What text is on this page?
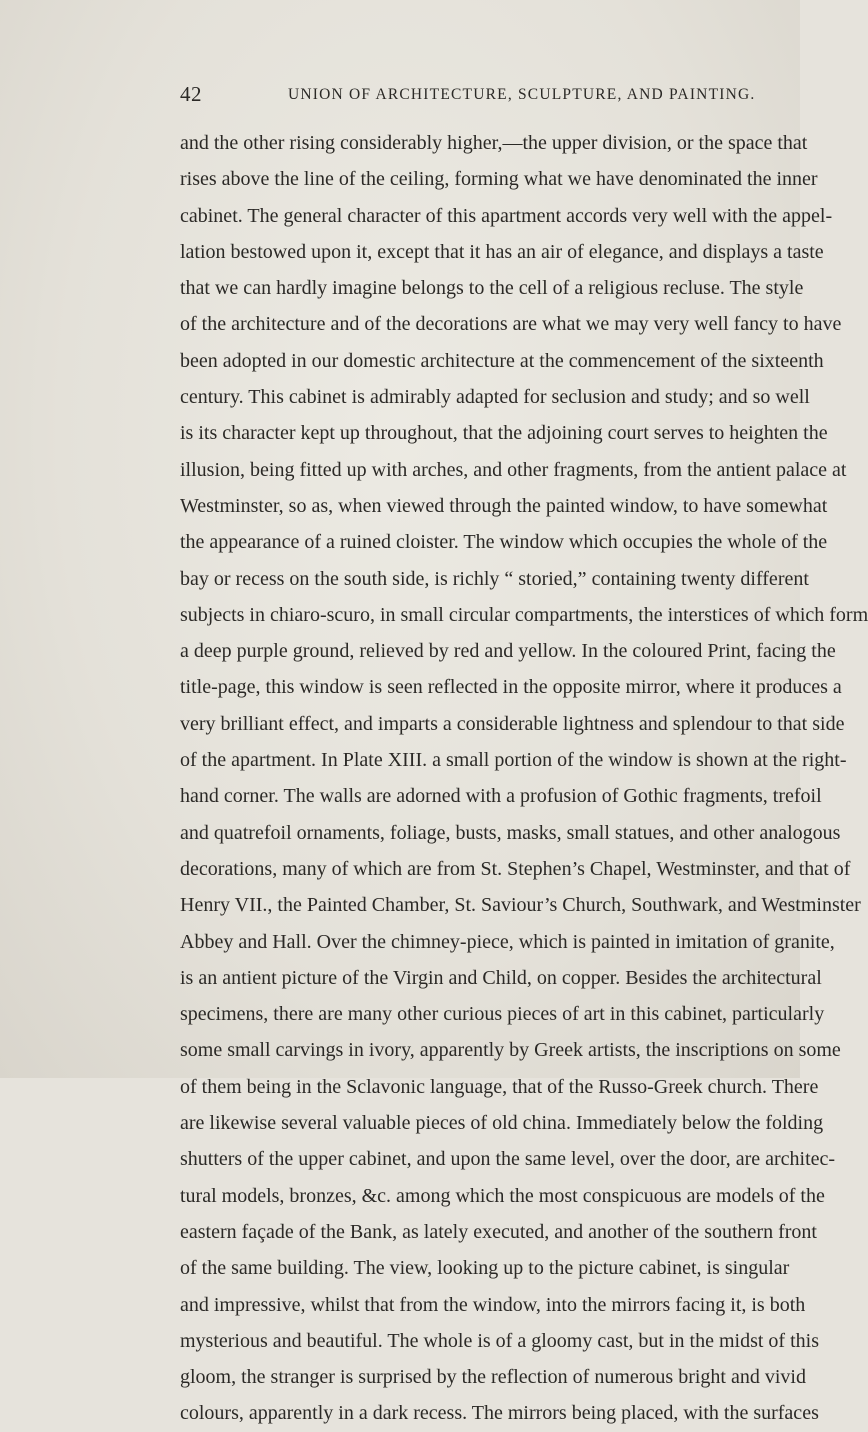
42	UNION OF ARCHITECTURE, SCULPTURE, AND PAINTING.
and the other rising considerably higher,—the upper division, or the space that
rises above the line of the ceiling, forming what we have denominated the inner
cabinet. The general character of this apartment accords very well with the appel-
lation bestowed upon it, except that it has an air of elegance, and displays a taste
that we can hardly imagine belongs to the cell of a religious recluse. The style
of the architecture and of the decorations are what we may very well fancy to have
been adopted in our domestic architecture at the commencement of the sixteenth
century. This cabinet is admirably adapted for seclusion and study; and so well
is its character kept up throughout, that the adjoining court serves to heighten the
illusion, being fitted up with arches, and other fragments, from the antient palace at
Westminster, so as, when viewed through the painted window, to have somewhat
the appearance of a ruined cloister. The window which occupies the whole of the
bay or recess on the south side, is richly “ storied,” containing twenty different
subjects in chiaro-scuro, in small circular compartments, the interstices of which form
a deep purple ground, relieved by red and yellow. In the coloured Print, facing the
title-page, this window is seen reflected in the opposite mirror, where it produces a
very brilliant effect, and imparts a considerable lightness and splendour to that side
of the apartment. In Plate XIII. a small portion of the window is shown at the right-
hand corner. The walls are adorned with a profusion of Gothic fragments, trefoil
and quatrefoil ornaments, foliage, busts, masks, small statues, and other analogous
decorations, many of which are from St. Stephen’s Chapel, Westminster, and that of
Henry VII., the Painted Chamber, St. Saviour’s Church, Southwark, and Westminster
Abbey and Hall. Over the chimney-piece, which is painted in imitation of granite,
is an antient picture of the Virgin and Child, on copper. Besides the architectural
specimens, there are many other curious pieces of art in this cabinet, particularly
some small carvings in ivory, apparently by Greek artists, the inscriptions on some
of them being in the Sclavonic language, that of the Russo-Greek church. There
are likewise several valuable pieces of old china. Immediately below the folding
shutters of the upper cabinet, and upon the same level, over the door, are architec-
tural models, bronzes, &c. among which the most conspicuous are models of the
eastern façade of the Bank, as lately executed, and another of the southern front
of the same building. The view, looking up to the picture cabinet, is singular
and impressive, whilst that from the window, into the mirrors facing it, is both
mysterious and beautiful. The whole is of a gloomy cast, but in the midst of this
gloom, the stranger is surprised by the reflection of numerous bright and vivid
colours, apparently in a dark recess. The mirrors being placed, with the surfaces
